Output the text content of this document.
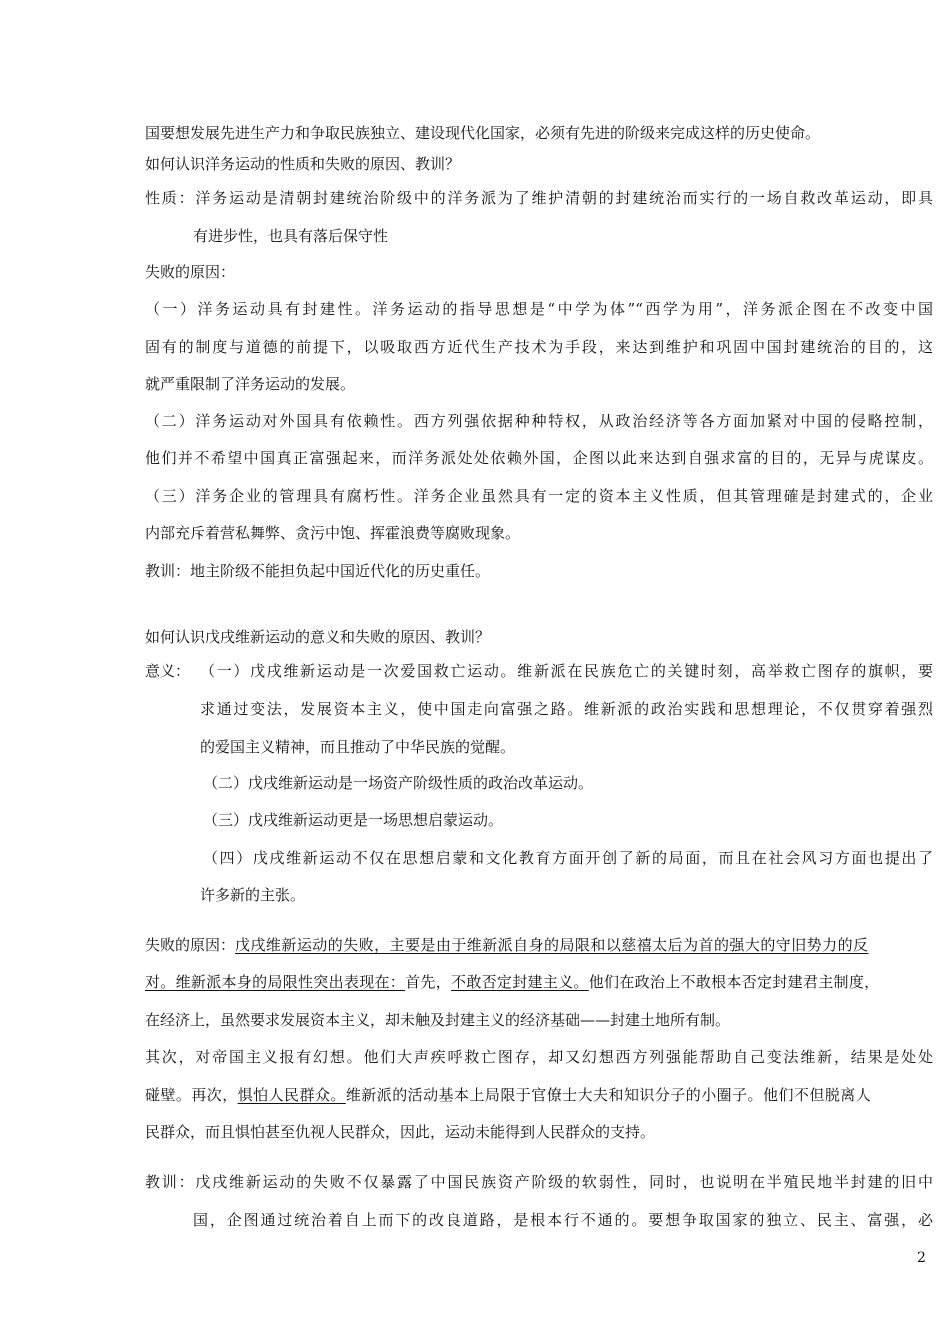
国要想发展先进生产力和争取民族独立、建设现代化国家，必须有先进的阶级来完成这样的历史使命。

如何认识洋务运动的性质和失败的原因、教训？

性质：洋务运动是清朝封建统治阶级中的洋务派为了维护清朝的封建统治而实行的一场自救改革运动，即具

有进步性，也具有落后保守性

失败的原因：

（一）洋务运动具有封建性。洋务运动的指导思想是“中学为体”“西学为用”，洋务派企图在不改变中国

固有的制度与道德的前提下，以吸取西方近代生产技术为手段，来达到维护和巩固中国封建统治的目的，这

就严重限制了洋务运动的发展。

（二）洋务运动对外国具有依赖性。西方列强依据种种特权，从政治经济等各方面加紧对中国的侵略控制，

他们并不希望中国真正富强起来，而洋务派处处依赖外国，企图以此来达到自强求富的目的，无异与虎谋皮。

（三）洋务企业的管理具有腐朽性。洋务企业虽然具有一定的资本主义性质，但其管理確是封建式的，企业

内部充斥着营私舞弊、贪污中饱、挥霍浪费等腐败现象。

教训：地主阶级不能担负起中国近代化的历史重任。

如何认识戊戌维新运动的意义和失败的原因、教训？

意义： （一）戊戌维新运动是一次爱国救亡运动。维新派在民族危亡的关键时刻，高举救亡图存的旗帜，要

求通过变法，发展资本主义，使中国走向富强之路。维新派的政治实践和思想理论，不仅贯穿着强烈

的爱国主义精神，而且推动了中华民族的觉醒。

（二）戊戌维新运动是一场资产阶级性质的政治改革运动。

（三）戊戌维新运动更是一场思想启蒙运动。

（四）戊戌维新运动不仅在思想启蒙和文化教育方面开创了新的局面，而且在社会风习方面也提出了

许多新的主张。

失败的原因：戊戌维新运动的失败，主要是由于维新派自身的局限和以慈禧太后为首的强大的守旧势力的反

对。维新派本身的局限性突出表现在：首先，不敢否定封建主义。他们在政治上不敢根本否定封建君主制度，

在经济上，虽然要求发展资本主义，却未触及封建主义的经济基础——封建土地所有制。

其次，对帝国主义报有幻想。他们大声疾呼救亡图存，却又幻想西方列强能帮助自己变法维新，结果是处处

碰壁。再次，惧怕人民群众。维新派的活动基本上局限于官僚士大夫和知识分子的小圈子。他们不但脱离人

民群众，而且惧怕甚至仇视人民群众，因此，运动未能得到人民群众的支持。

教训：戊戌维新运动的失败不仅暴露了中国民族资产阶级的软弱性，同时，也说明在半殖民地半封建的旧中

国，企图通过统治着自上而下的改良道路，是根本行不通的。要想争取国家的独立、民主、富强，必

2
